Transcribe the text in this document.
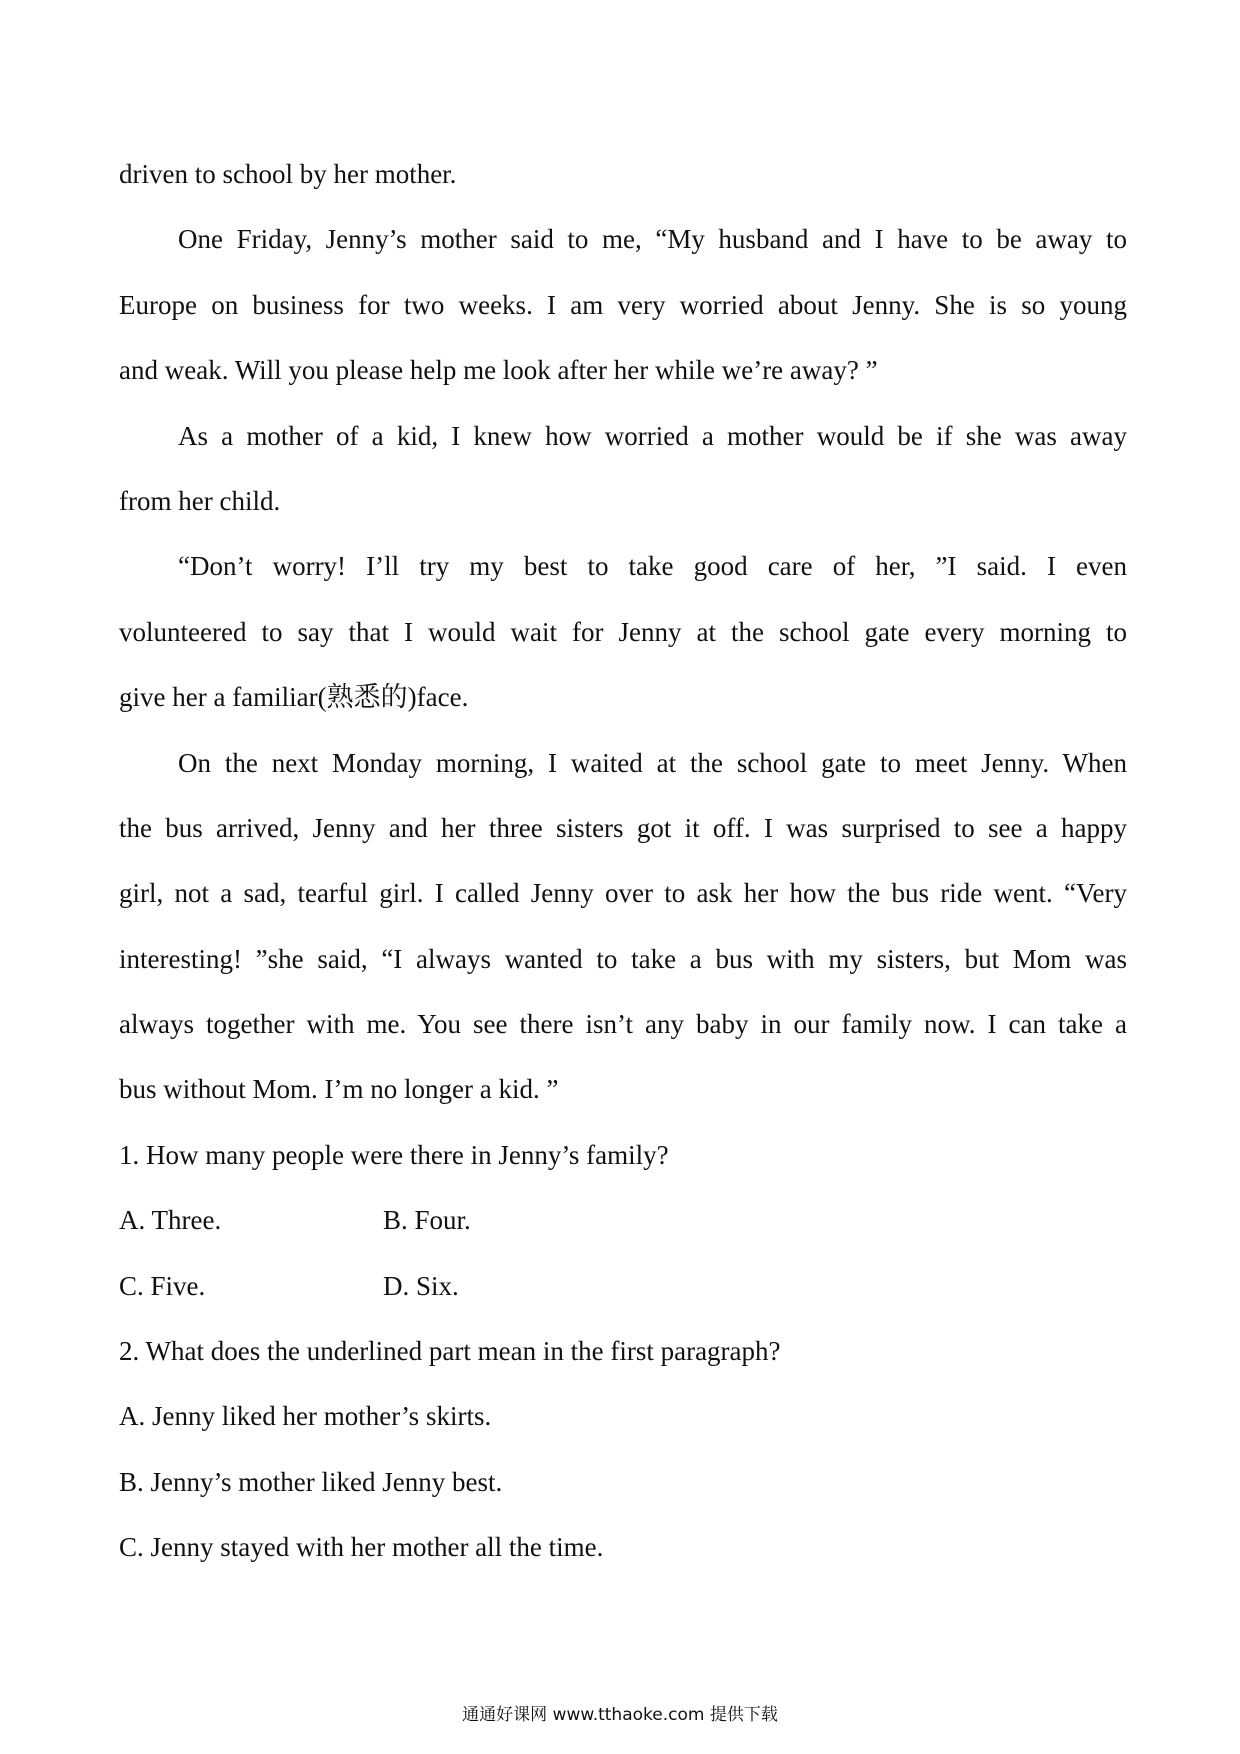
driven to school by her mother.
One Friday, Jenny’s mother said to me, “My husband and I have to be away to
Europe on business for two weeks. I am very worried about Jenny. She is so young
and weak. Will you please help me look after her while we’re away? ”
As a mother of a kid, I knew how worried a mother would be if she was away
from her child.
“Don’t worry! I’ll try my best to take good care of her, ”I said. I even
volunteered to say that I would wait for Jenny at the school gate every morning to
give her a familiar(熟悉的)face.
On the next Monday morning, I waited at the school gate to meet Jenny. When
the bus arrived, Jenny and her three sisters got it off. I was surprised to see a happy
girl, not a sad, tearful girl. I called Jenny over to ask her how the bus ride went. “Very
interesting! ”she said, “I always wanted to take a bus with my sisters, but Mom was
always together with me. You see there isn’t any baby in our family now. I can take a
bus without Mom. I’m no longer a kid. ”
1. How many people were there in Jenny’s family?
A. Three.	B. Four.
C. Five.	D. Six.
2. What does the underlined part mean in the first paragraph?
A. Jenny liked her mother’s skirts.
B. Jenny’s mother liked Jenny best.
C. Jenny stayed with her mother all the time.
通通好课网 www.tthaoke.com 提供下载
